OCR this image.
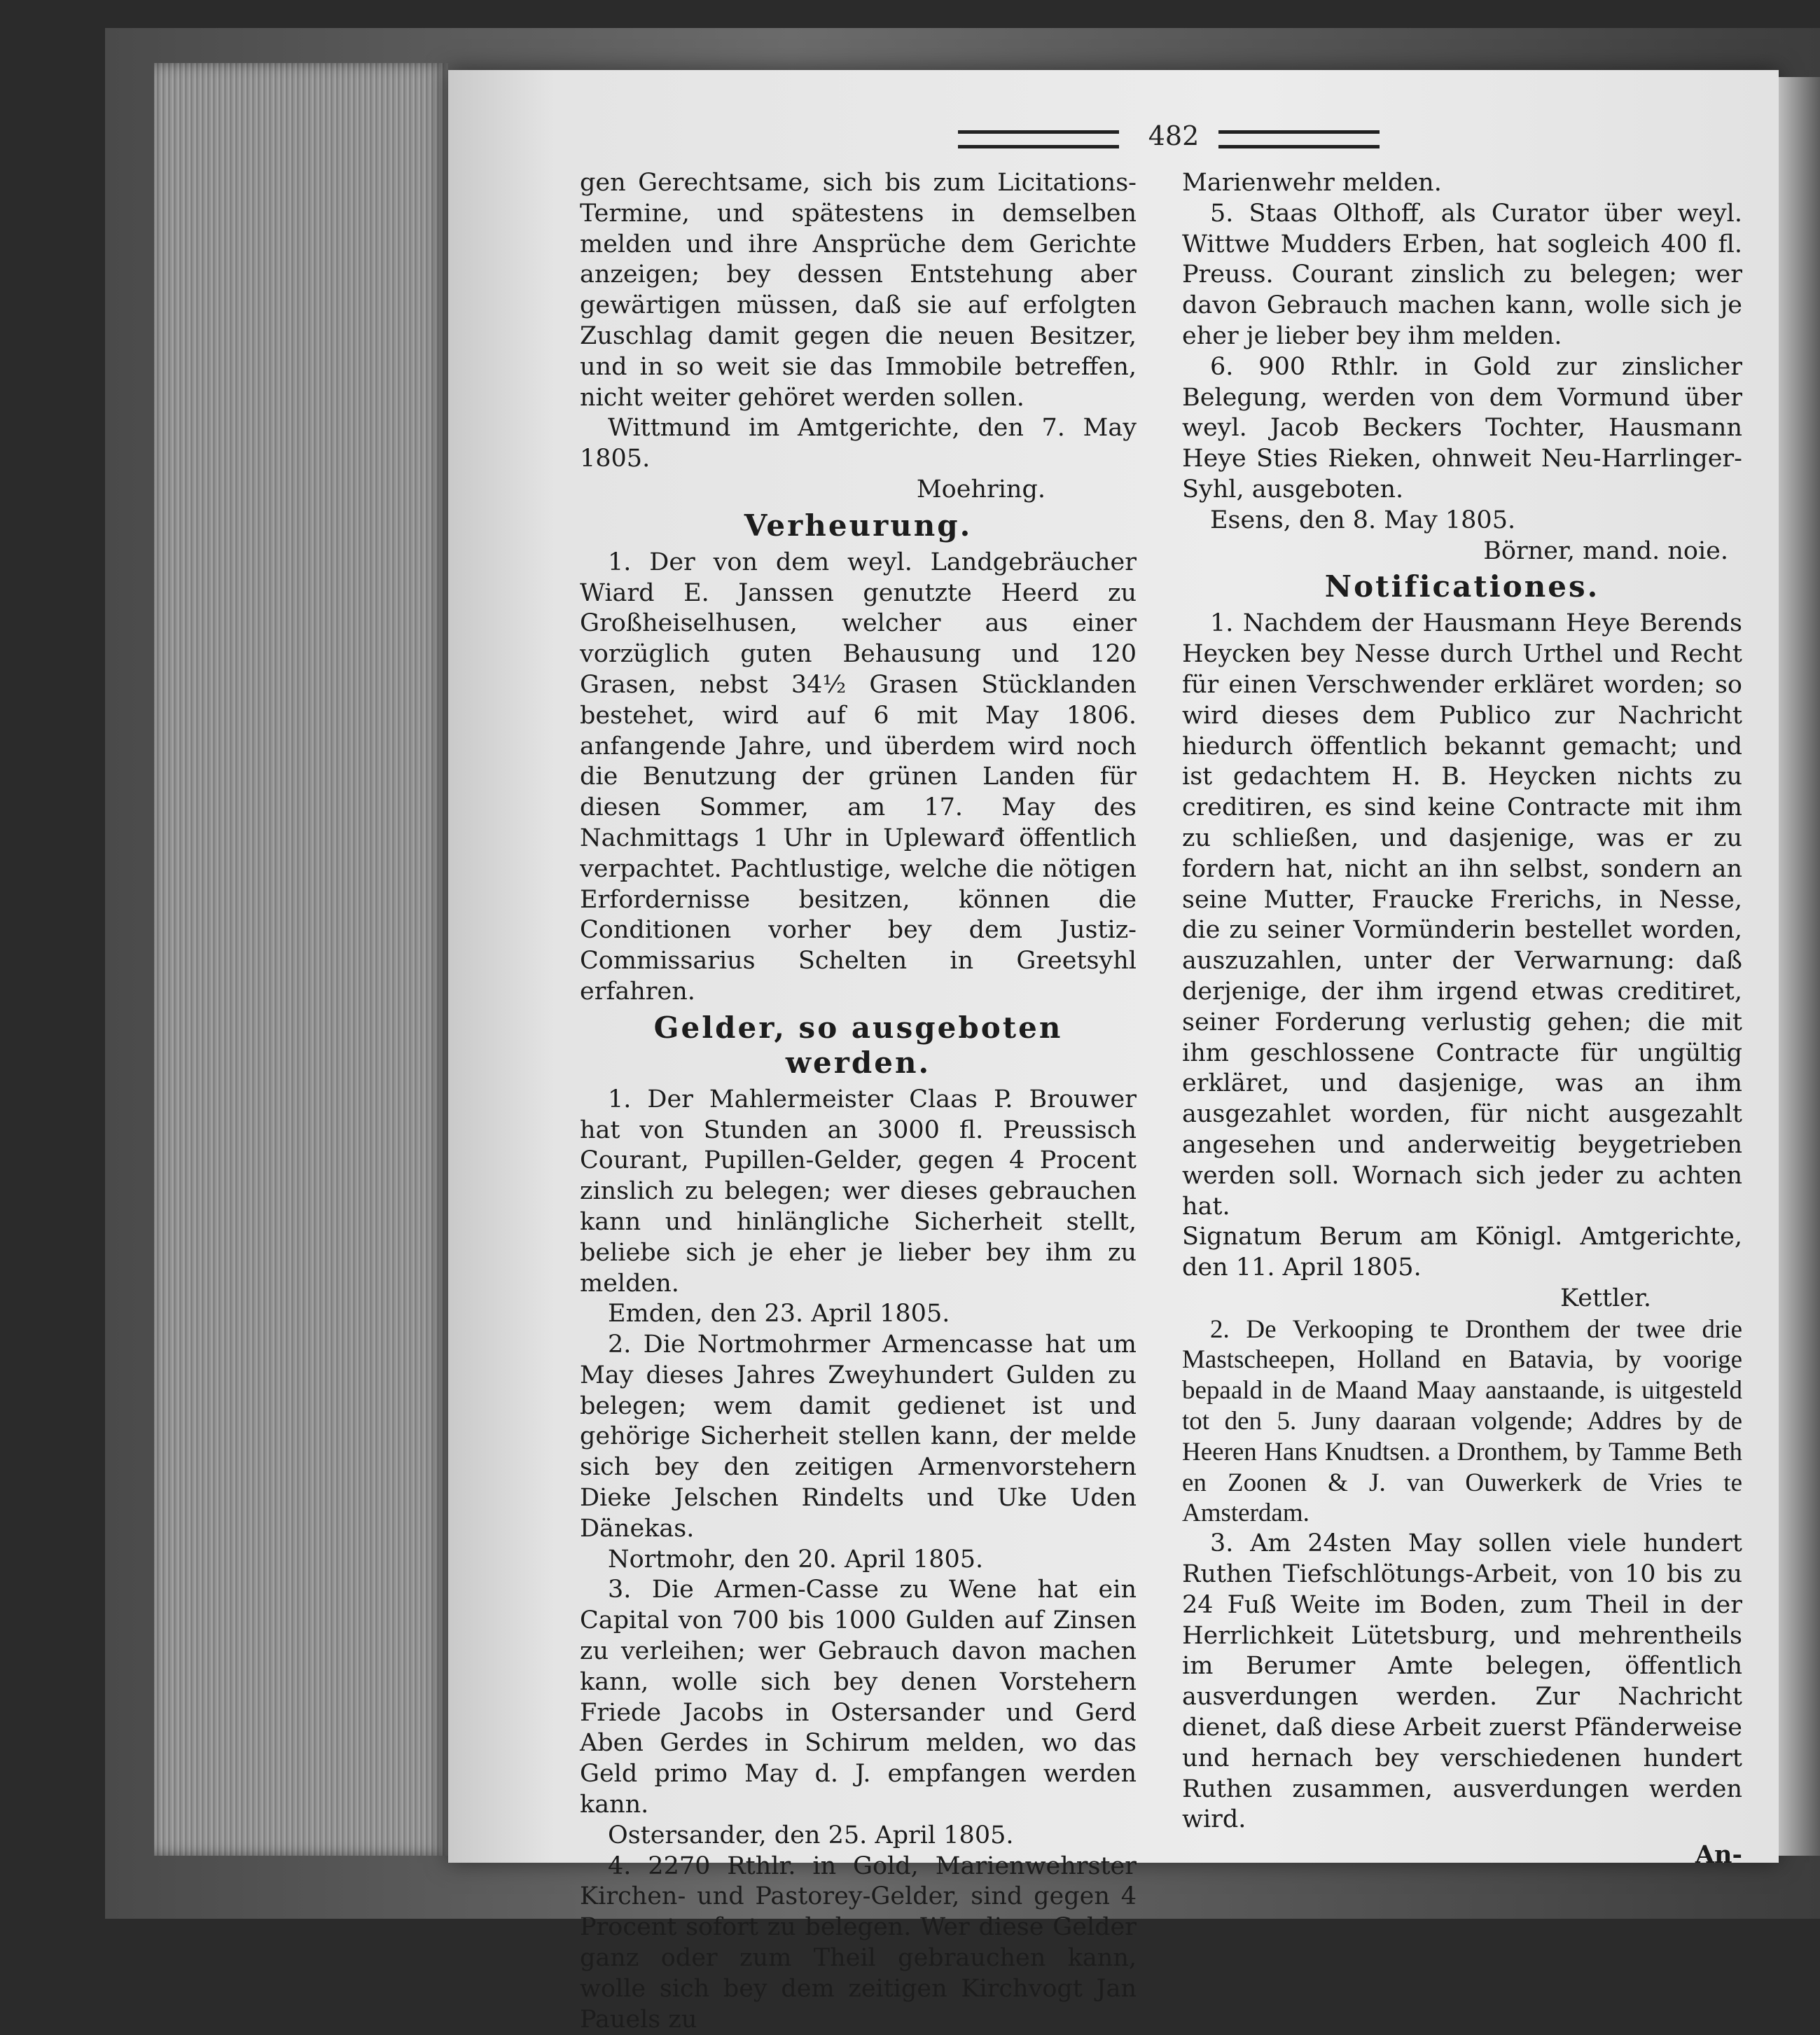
482

gen Gerechtsame, sich bis zum Licitations-Termine, und spätestens in demselben melden und ihre Ansprüche dem Gerichte anzeigen; bey dessen Entstehung aber gewärtigen müssen, daß sie auf erfolgten Zuschlag damit gegen die neuen Besitzer, und in so weit sie das Immobile betreffen, nicht weiter gehöret werden sollen.

Wittmund im Amtgerichte, den 7. May 1805.

Moehring.

Verheurung.

1. Der von dem weyl. Landgebräucher Wiard E. Janssen genutzte Heerd zu Großheiselhusen, welcher aus einer vorzüglich guten Behausung und 120 Grasen, nebst 34½ Grasen Stücklanden bestehet, wird auf 6 mit May 1806. anfangende Jahre, und überdem wird noch die Benutzung der grünen Landen für diesen Sommer, am 17. May des Nachmittags 1 Uhr in Uplewarđ öffentlich verpachtet. Pachtlustige, welche die nötigen Erfordernisse besitzen, können die Conditionen vorher bey dem Justiz-Commissarius Schelten in Greetsyhl erfahren.

Gelder, so ausgeboten werden.

1. Der Mahlermeister Claas P. Brouwer hat von Stunden an 3000 fl. Preussisch Courant, Pupillen-Gelder, gegen 4 Procent zinslich zu belegen; wer dieses gebrauchen kann und hinlängliche Sicherheit stellt, beliebe sich je eher je lieber bey ihm zu melden.

Emden, den 23. April 1805.

2. Die Nortmohrmer Armencasse hat um May dieses Jahres Zweyhundert Gulden zu belegen; wem damit gedienet ist und gehörige Sicherheit stellen kann, der melde sich bey den zeitigen Armenvorstehern Dieke Jelschen Rindelts und Uke Uden Dänekas.

Nortmohr, den 20. April 1805.

3. Die Armen-Casse zu Wene hat ein Capital von 700 bis 1000 Gulden auf Zinsen zu verleihen; wer Gebrauch davon machen kann, wolle sich bey denen Vorstehern Friede Jacobs in Ostersander und Gerd Aben Gerdes in Schirum melden, wo das Geld primo May d. J. empfangen werden kann.

Ostersander, den 25. April 1805.

4. 2270 Rthlr. in Gold, Marienwehrster Kirchen- und Pastorey-Gelder, sind gegen 4 Procent sofort zu belegen. Wer diese Gelder ganz oder zum Theil gebrauchen kann, wolle sich bey dem zeitigen Kirchvogt Jan Pauels zu

Marienwehr melden.

5. Staas Olthoff, als Curator über weyl. Wittwe Mudders Erben, hat sogleich 400 fl. Preuss. Courant zinslich zu belegen; wer davon Gebrauch machen kann, wolle sich je eher je lieber bey ihm melden.

6. 900 Rthlr. in Gold zur zinslicher Belegung, werden von dem Vormund über weyl. Jacob Beckers Tochter, Hausmann Heye Sties Rieken, ohnweit Neu-Harrlinger-Syhl, ausgeboten.

Esens, den 8. May 1805.

Börner, mand. noie.

Notificationes.

1. Nachdem der Hausmann Heye Berends Heycken bey Nesse durch Urthel und Recht für einen Verschwender erkläret worden; so wird dieses dem Publico zur Nachricht hiedurch öffentlich bekannt gemacht; und ist gedachtem H. B. Heycken nichts zu creditiren, es sind keine Contracte mit ihm zu schließen, und dasjenige, was er zu fordern hat, nicht an ihn selbst, sondern an seine Mutter, Fraucke Frerichs, in Nesse, die zu seiner Vormünderin bestellet worden, auszuzahlen, unter der Verwarnung: daß derjenige, der ihm irgend etwas creditiret, seiner Forderung verlustig gehen; die mit ihm geschlossene Contracte für ungültig erkläret, und dasjenige, was an ihm ausgezahlet worden, für nicht ausgezahlt angesehen und anderweitig beygetrieben werden soll. Wornach sich jeder zu achten hat.

Signatum Berum am Königl. Amtgerichte, den 11. April 1805.

Kettler.

2. De Verkooping te Dronthem der twee drie Mastscheepen, Holland en Batavia, by voorige bepaald in de Maand Maay aanstaande, is uitgesteld tot den 5. Juny daaraan volgende; Addres by de Heeren Hans Knudtsen. a Dronthem, by Tamme Beth en Zoonen & J. van Ouwerkerk de Vries te Amsterdam.

3. Am 24sten May sollen viele hundert Ruthen Tiefschlötungs-Arbeit, von 10 bis zu 24 Fuß Weite im Boden, zum Theil in der Herrlichkeit Lütetsburg, und mehrentheils im Berumer Amte belegen, öffentlich ausverdungen werden. Zur Nachricht dienet, daß diese Arbeit zuerst Pfänderweise und hernach bey verschiedenen hundert Ruthen zusammen, ausverdungen werden wird.

An-
